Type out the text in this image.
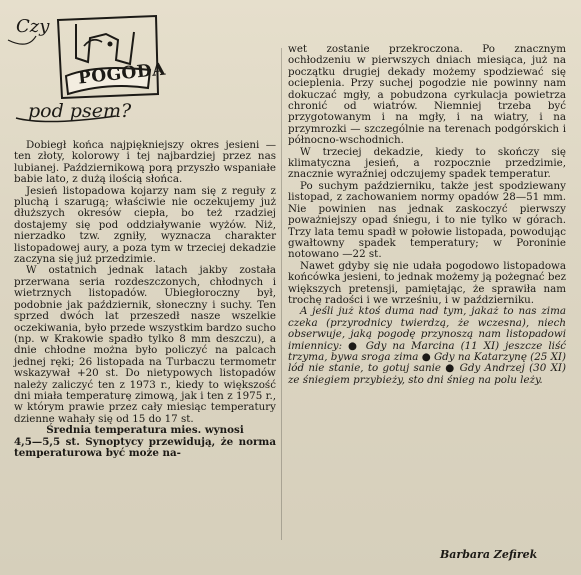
Czy
POGODA
pod psem?

Dobiegł końca najpiękniejszy okres jesieni — ten złoty, kolorowy i tej najbardziej przez nas lubianej. Październikową porą przyszło wspaniałe babie lato, z dużą ilością słońca.

Jesień listopadowa kojarzy nam się z reguły z pluchą i szarugą; właściwie nie oczekujemy już dłuższych okresów ciepła, bo też rzadziej dostajemy się pod oddziaływanie wyżów. Niż, nierzadko tzw. zgniły, wyznacza charakter listopadowej aury, a poza tym w trzeciej dekadzie zaczyna się już przedzimie.

W ostatnich jednak latach jakby została przerwana seria rozdeszczonych, chłodnych i wietrznych listopadów. Ubiegłoroczny był, podobnie jak październik, słoneczny i suchy. Ten sprzed dwóch lat przeszedł nasze wszelkie oczekiwania, było przede wszystkim bardzo sucho (np. w Krakowie spadło tylko 8 mm deszczu), a dnie chłodne można było policzyć na palcach jednej ręki; 26 listopada na Turbaczu termometr wskazywał +20 st. Do nietypowych listopadów należy zaliczyć ten z 1973 r., kiedy to większość dni miała temperaturę zimową, jak i ten z 1975 r., w którym prawie przez cały miesiąc temperatury dzienne wahały się od 15 do 17 st.

Średnia temperatura mies. wynosi

4,5—5,5 st. Synoptycy przewidują, że norma temperaturowa być może na-

wet zostanie przekroczona. Po znacznym ochłodzeniu w pierwszych dniach miesiąca, już na początku drugiej dekady możemy spodziewać się ocieplenia. Przy suchej pogodzie nie powinny nam dokuczać mgły, a pobudzona cyrkulacja powietrza chronić od wiatrów. Niemniej trzeba być przygotowanym i na mgły, i na wiatry, i na przymrozki — szczególnie na terenach podgórskich i północno-wschodnich.

W trzeciej dekadzie, kiedy to skończy się klimatyczna jesień, a rozpocznie przedzimie, znacznie wyraźniej odczujemy spadek temperatur.

Po suchym październiku, także jest spodziewany listopad, z zachowaniem normy opadów 28—51 mm. Nie powinien nas jednak zaskoczyć pierwszy poważniejszy opad śniegu, i to nie tylko w górach. Trzy lata temu spadł w połowie listopada, powodując gwałtowny spadek temperatury; w Poroninie notowano —22 st.

Nawet gdyby się nie udała pogodowo listopadowa końcówka jesieni, to jednak możemy ją pożegnać bez większych pretensji, pamiętając, że sprawiła nam trochę radości i we wrześniu, i w październiku.

A jeśli już ktoś duma nad tym, jakaż to nas zima czeka (przyrodnicy twierdzą, że wczesna), niech obserwuje, jaką pogodę przynoszą nam listopadowi imiennicy: ● Gdy na Marcina (11 XI) jeszcze liść trzyma, bywa sroga zima ● Gdy na Katarzynę (25 XI) lód nie stanie, to gotuj sanie ● Gdy Andrzej (30 XI) ze śniegiem przybieży, sto dni śnieg na polu leży.

Barbara Zefirek
